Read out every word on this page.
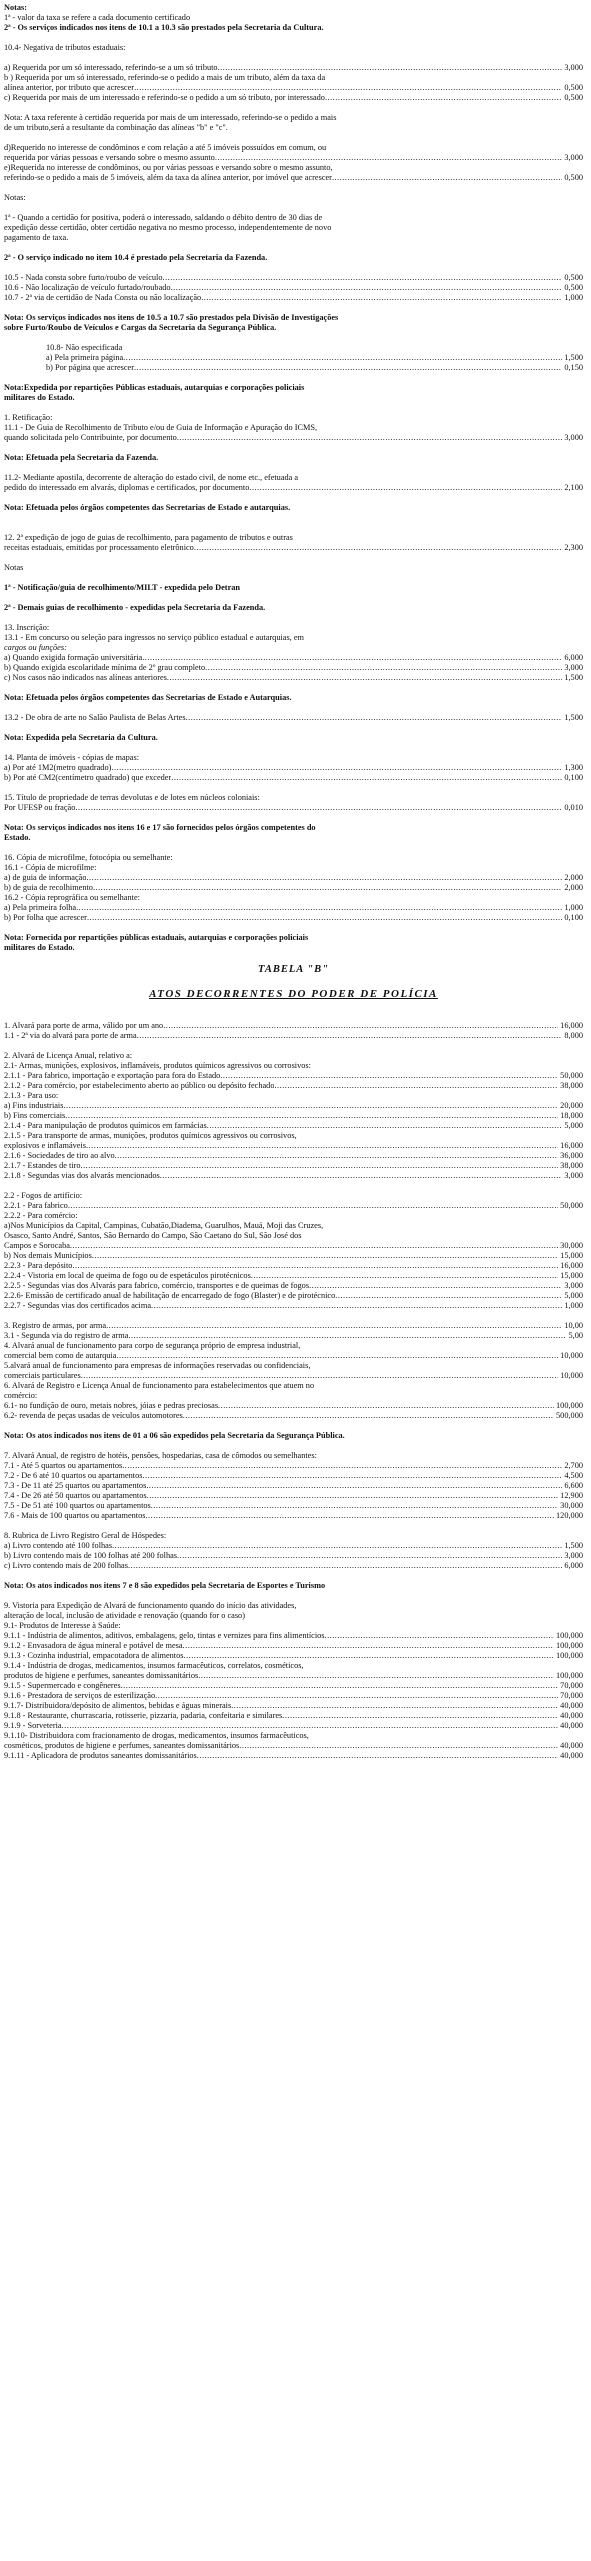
Notas:
1ª - valor da taxa se refere a cada documento certificado
2ª - Os serviços indicados nos itens de 10.1 a 10.3 são prestados pela Secretaria da Cultura.
10.4- Negativa de tributos estaduais:
a) Requerida por um só interessado, referindo-se a um só tributo .....	3,000
b ) Requerida por um só interessado, referindo-se o pedido a mais de um tributo, além da taxa da
alínea anterior, por tributo que acrescer .....	0,500
c) Requerida por mais de um interessado e referindo-se o pedido a um só tributo, por interessado .....	0,500
Nota: A taxa referente à certidão requerida por mais de um interessado, referindo-se o pedido a mais
de um tributo,será a resultante da combinação das alíneas "b" e "c".
d)Requerido no interesse de condôminos e com relação a até 5 imóveis possuídos em comum, ou
requerida por várias pessoas e versando sobre o mesmo assunto .....	3,000
e)Requerida no interesse de condôminos, ou por várias pessoas e versando sobre o mesmo assunto,
referindo-se o pedido a mais de 5 imóveis, além da taxa da alínea anterior, por imóvel que acrescer .....	0,500
Notas:
1ª - Quando a certidão for positiva, poderá o interessado, saldando o débito dentro de 30 dias de
expedição desse certidão, obter certidão negativa no mesmo processo, independentemente de novo
pagamento de taxa.
2ª - O serviço indicado no item 10.4 é prestado pela Secretaria da Fazenda.
10.5 - Nada consta sobre furto/roubo de veículo .....	0,500
10.6 - Não localização de veículo furtado/roubado .....	0,500
10.7 - 2ª via de certidão de Nada Consta ou não localização .....	1,000
Nota: Os serviços indicados nos itens de 10.5 a 10.7 são prestados pela Divisão de Investigações
sobre Furto/Roubo de Veículos e Cargas da Secretaria da Segurança Pública.
10.8- Não especificada
a) Pela primeira página .....	1,500
b) Por página que acrescer .....	0,150
Nota:Expedida por repartições Públicas estaduais, autarquias e corporações policiais
militares do Estado.
1. Retificação:
11.1 - De Guia de Recolhimento de Tributo e/ou de Guia de Informação e Apuração do ICMS,
quando solicitada pelo Contribuinte, por documento .....	3,000
Nota: Efetuada pela Secretaria da Fazenda.
11.2- Mediante apostila, decorrente de alteração do estado civil, de nome etc., efetuada a
pedido do interessado em alvarás, diplomas e certificados, por documento .....	2,100
Nota: Efetuada pelos órgãos competentes das Secretarias de Estado e autarquias.
12. 2ª expedição de jogo de guias de recolhimento, para pagamento de tributos e outras
receitas estaduais, emitidas por processamento eletrônico .....	2,300
Notas
1ª - Notificação/guia de recolhimento/MILT - expedida pelo Detran
2ª - Demais guias de recolhimento - expedidas pela Secretaria da Fazenda.
13. Inscrição:
13.1 - Em concurso ou seleção para ingressos no serviço público estadual e autarquias, em
cargos ou funções:
a) Quando exigida formação universitária .....	6,000
b) Quando exigida escolaridade mínima de 2º grau completo .....	3,000
c) Nos casos não indicados nas alíneas anteriores .....	1,500
Nota: Efetuada pelos órgãos competentes das Secretarias de Estado e Autarquias.
13.2 - De obra de arte no Salão Paulista de Belas Artes .....	1,500
Nota: Expedida pela Secretaria da Cultura.
14. Planta de imóveis - cópias de mapas:
a) Por até 1M2(metro quadrado) .....	1,300
b) Por até CM2(centímetro quadrado) que exceder .....	0,100
15. Título de propriedade de terras devolutas e de lotes em núcleos coloniais:
Por UFESP ou fração .....	0,010
Nota: Os serviços indicados nos itens 16 e 17 são fornecidos pelos órgãos competentes do
Estado.
16. Cópia de microfilme, fotocópia ou semelhante:
16.1 - Cópia de microfilme:
a) de guia de informação .....	2,000
b) de guia de recolhimento .....	2,000
16.2 - Cópia reprográfica ou semelhante:
a) Pela primeira folha .....	1,000
b) Por folha que acrescer .....	0,100
Nota: Fornecida por repartições públicas estaduais, autarquias e corporações policiais
militares do Estado.
TABELA "B"
ATOS DECORRENTES DO PODER DE POLÍCIA
1. Alvará para porte de arma, válido por um ano .....	16,000
1.1 - 2ª via do alvará para porte de arma .....	8,000
2. Alvará de Licença Anual, relativo a:
2.1- Armas, munições, explosivos, inflamáveis, produtos químicos agressivos ou corrosivos:
2.1.1 - Para fabrico, importação e exportação para fora do Estado .....	50,000
2.1.2 - Para comércio, por estabelecimento aberto ao público ou depósito fechado .....	38,000
2.1.3 - Para uso:
a) Fins industriais .....	20,000
b) Fins comerciais .....	18,000
2.1.4 - Para manipulação de produtos químicos em farmácias .....	5,000
2.1.5 - Para transporte de armas, munições, produtos químicos agressivos ou corrosivos,
explosivos e inflamáveis .....	16,000
2.1.6 - Sociedades de tiro ao alvo .....	36,000
2.1.7 - Estandes de tiro .....	38,000
2.1.8 - Segundas vias dos alvarás mencionados .....	3,000
2.2 - Fogos de artifício:
2.2.1 - Para fabrico .....	50,000
2.2.2 - Para comércio:
a)Nos Municípios da Capital, Campinas, Cubatão,Diadema, Guarulhos, Mauá, Moji das Cruzes,
Osasco, Santo André, Santos, São Bernardo do Campo, São Caetano do Sul, São José dos
Campos e Sorocaba .....	30,000
b) Nos demais Municípios .....	15,000
2.2.3 - Para depósito .....	16,000
2.2.4 - Vistoria em local de queima de fogo ou de espetáculos pirotécnicos .....	15,000
2.2.5 - Segundas vias dos Alvarás para fabrico, comércio, transportes e de queimas de fogos .....	3,000
2.2.6- Emissão de certificado anual de habilitação de encarregado de fogo (Blaster) e de pirotécnico .....	5,000
2.2.7 - Segundas vias dos certificados acima .....	1,000
3. Registro de armas, por arma .....	10,00
3.1 - Segunda via do registro de arma .....	5,00
4. Alvará anual de funcionamento para corpo de segurança próprio de empresa industrial,
comercial bem como de autarquia .....	10,000
5.alvará anual de funcionamento para empresas de informações reservadas ou confidenciais,
comerciais particulares .....	10,000
6. Alvará de Registro e Licença Anual de funcionamento para estabelecimentos que atuem no
comércio:
6.1- no fundição de ouro, metais nobres, jóias e pedras preciosas .....	100,000
6.2- revenda de peças usadas de veículos automotores .....	500,000
Nota: Os atos indicados nos itens de 01 a 06 são expedidos pela Secretaria da Segurança Pública.
7. Alvará Anual, de registro de hotéis, pensões, hospedarias, casa de cômodos ou semelhantes:
7.1 - Até 5 quartos ou apartamentos .....	2,700
7.2 - De 6 até 10 quartos ou apartamentos .....	4,500
7.3 - De 11 até 25 quartos ou apartamentos .....	6,600
7.4 - De 26 até 50 quartos ou apartamentos .....	12,900
7.5 - De 51 até 100 quartos ou apartamentos .....	30,000
7.6 - Mais de 100 quartos ou apartamentos .....	120,000
8. Rubrica de Livro Registro Geral de Hóspedes:
a) Livro contendo até 100 folhas .....	1,500
b) Livro contendo mais de 100 folhas até 200 folhas .....	3,000
c) Livro contendo mais de 200 folhas .....	6,000
Nota: Os atos indicados nos itens 7 e 8 são expedidos pela Secretaria de Esportes e Turismo
9. Vistoria para Expedição de Alvará de funcionamento quando do início das atividades,
alteração de local, inclusão de atividade e renovação (quando for o caso)
9.1- Produtos de Interesse à Saúde:
9.1.1 - Indústria de alimentos, aditivos, embalagens, gelo, tintas e vernizes para fins alimentícios .....	100,000
9.1.2 - Envasadora de água mineral e potável de mesa .....	100,000
9.1.3 - Cozinha industrial, empacotadora de alimentos .....	100,000
9.1.4 - Indústria de drogas, medicamentos, insumos farmacêuticos, correlatos, cosméticos,
produtos de higiene e perfumes, saneantes domissanitários .....	100,000
9.1.5 - Supermercado e congêneres .....	70,000
9.1.6 - Prestadora de serviços de esterilização .....	70,000
9.1.7- Distribuidora/depósito de alimentos, bebidas e águas minerais .....	40,000
9.1.8 - Restaurante, churrascaria, rotisserie, pizzaria, padaria, confeitaria e similares .....	40,000
9.1.9 - Sorveteria .....	40,000
9.1.10- Distribuidora com fracionamento de drogas, medicamentos, insumos farmacêuticos,
cosméticos, produtos de higiene e perfumes, saneantes domissanitários .....	40,000
9.1.11 - Aplicadora de produtos saneantes domissanitários .....	40,000
